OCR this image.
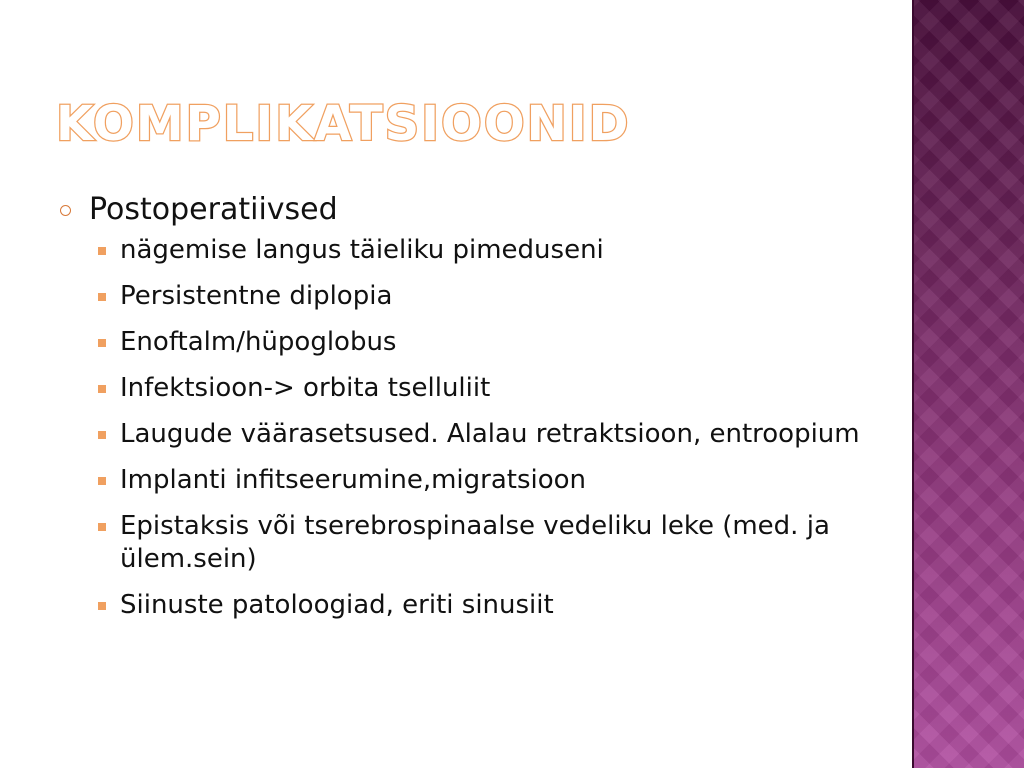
KOMPLIKATSIOONID
Postoperatiivsed
nägemise langus täieliku pimeduseni
Persistentne diplopia
Enoftalm/hüpoglobus
Infektsioon-> orbita tselluliit
Laugude väärasetsused. Alalau retraktsioon, entroopium
Implanti infitseerumine,migratsioon
Epistaksis või tserebrospinaalse vedeliku leke (med. ja ülem.sein)
Siinuste patoloogiad, eriti sinusiit
